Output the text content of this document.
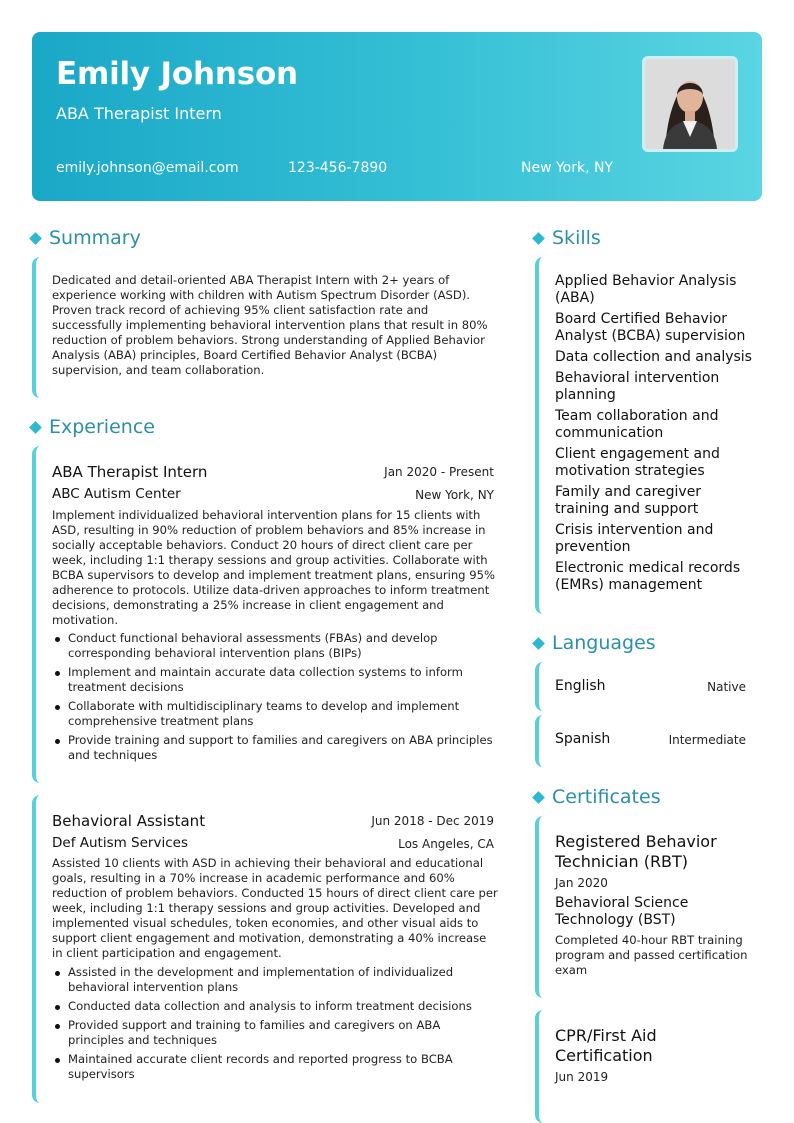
Emily Johnson
ABA Therapist Intern
emily.johnson@email.com	123-456-7890	New York, NY
Summary
Dedicated and detail-oriented ABA Therapist Intern with 2+ years of experience working with children with Autism Spectrum Disorder (ASD). Proven track record of achieving 95% client satisfaction rate and successfully implementing behavioral intervention plans that result in 80% reduction of problem behaviors. Strong understanding of Applied Behavior Analysis (ABA) principles, Board Certified Behavior Analyst (BCBA) supervision, and team collaboration.
Experience
ABA Therapist Intern	Jan 2020 - Present
ABC Autism Center	New York, NY
Implement individualized behavioral intervention plans for 15 clients with ASD, resulting in 90% reduction of problem behaviors and 85% increase in socially acceptable behaviors. Conduct 20 hours of direct client care per week, including 1:1 therapy sessions and group activities. Collaborate with BCBA supervisors to develop and implement treatment plans, ensuring 95% adherence to protocols. Utilize data-driven approaches to inform treatment decisions, demonstrating a 25% increase in client engagement and motivation.
Conduct functional behavioral assessments (FBAs) and develop corresponding behavioral intervention plans (BIPs)
Implement and maintain accurate data collection systems to inform treatment decisions
Collaborate with multidisciplinary teams to develop and implement comprehensive treatment plans
Provide training and support to families and caregivers on ABA principles and techniques
Behavioral Assistant	Jun 2018 - Dec 2019
Def Autism Services	Los Angeles, CA
Assisted 10 clients with ASD in achieving their behavioral and educational goals, resulting in a 70% increase in academic performance and 60% reduction of problem behaviors. Conducted 15 hours of direct client care per week, including 1:1 therapy sessions and group activities. Developed and implemented visual schedules, token economies, and other visual aids to support client engagement and motivation, demonstrating a 40% increase in client participation and engagement.
Assisted in the development and implementation of individualized behavioral intervention plans
Conducted data collection and analysis to inform treatment decisions
Provided support and training to families and caregivers on ABA principles and techniques
Maintained accurate client records and reported progress to BCBA supervisors
Skills
Applied Behavior Analysis (ABA)
Board Certified Behavior Analyst (BCBA) supervision
Data collection and analysis
Behavioral intervention planning
Team collaboration and communication
Client engagement and motivation strategies
Family and caregiver training and support
Crisis intervention and prevention
Electronic medical records (EMRs) management
Languages
English	Native
Spanish	Intermediate
Certificates
Registered Behavior Technician (RBT)
Jan 2020
Behavioral Science Technology (BST)
Completed 40-hour RBT training program and passed certification exam
CPR/First Aid Certification
Jun 2019
